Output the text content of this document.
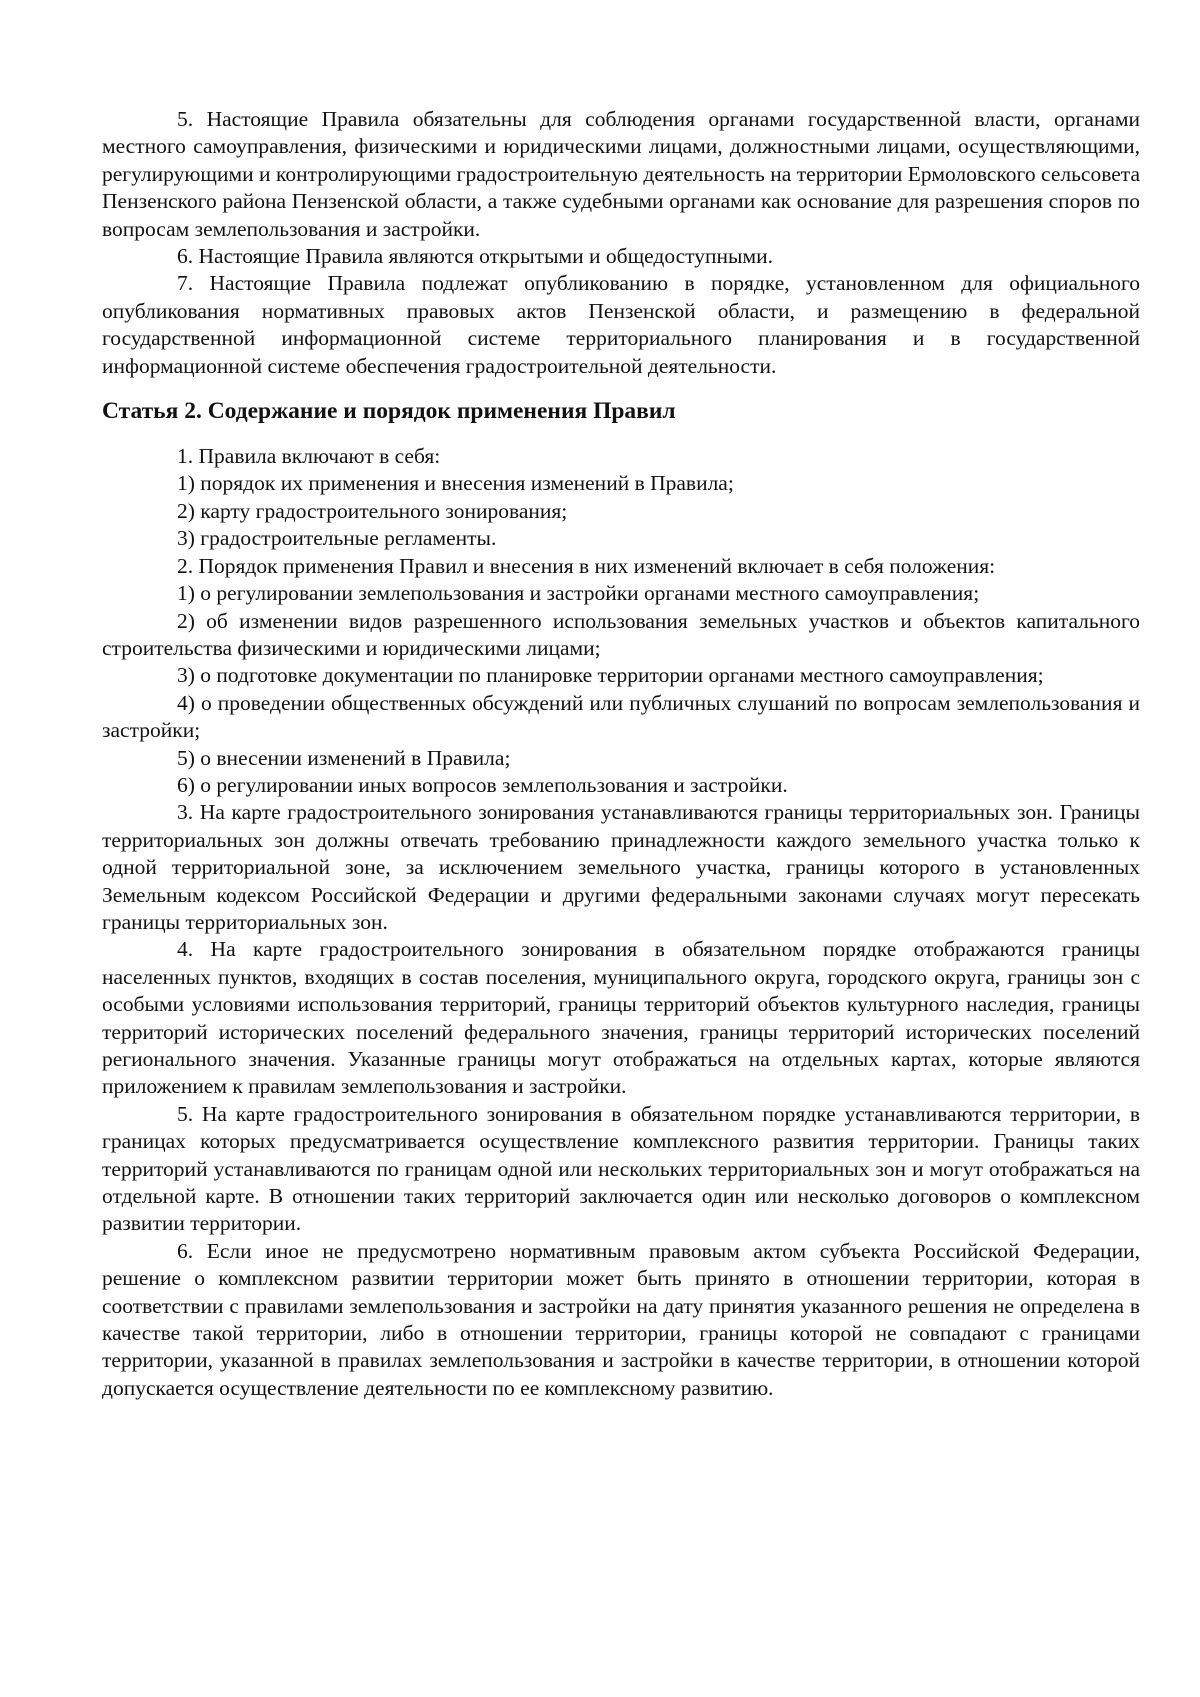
5. Настоящие Правила обязательны для соблюдения органами государственной власти, органами местного самоуправления, физическими и юридическими лицами, должностными лицами, осуществляющими, регулирующими и контролирующими градостроительную деятельность на территории Ермоловского сельсовета Пензенского района Пензенской области, а также судебными органами как основание для разрешения споров по вопросам землепользования и застройки.

6. Настоящие Правила являются открытыми и общедоступными.

7. Настоящие Правила подлежат опубликованию в порядке, установленном для официального опубликования нормативных правовых актов Пензенской области, и размещению в федеральной государственной информационной системе территориального планирования и в государственной информационной системе обеспечения градостроительной деятельности.

Статья 2. Содержание и порядок применения Правил

1. Правила включают в себя:

1) порядок их применения и внесения изменений в Правила;

2) карту градостроительного зонирования;

3) градостроительные регламенты.

2. Порядок применения Правил и внесения в них изменений включает в себя положения:

1) о регулировании землепользования и застройки органами местного самоуправления;

2) об изменении видов разрешенного использования земельных участков и объектов капитального строительства физическими и юридическими лицами;

3) о подготовке документации по планировке территории органами местного самоуправления;

4) о проведении общественных обсуждений или публичных слушаний по вопросам землепользования и застройки;

5) о внесении изменений в Правила;

6) о регулировании иных вопросов землепользования и застройки.

3. На карте градостроительного зонирования устанавливаются границы территориальных зон. Границы территориальных зон должны отвечать требованию принадлежности каждого земельного участка только к одной территориальной зоне, за исключением земельного участка, границы которого в установленных Земельным кодексом Российской Федерации и другими федеральными законами случаях могут пересекать границы территориальных зон.

4. На карте градостроительного зонирования в обязательном порядке отображаются границы населенных пунктов, входящих в состав поселения, муниципального округа, городского округа, границы зон с особыми условиями использования территорий, границы территорий объектов культурного наследия, границы территорий исторических поселений федерального значения, границы территорий исторических поселений регионального значения. Указанные границы могут отображаться на отдельных картах, которые являются приложением к правилам землепользования и застройки.

5. На карте градостроительного зонирования в обязательном порядке устанавливаются территории, в границах которых предусматривается осуществление комплексного развития территории. Границы таких территорий устанавливаются по границам одной или нескольких территориальных зон и могут отображаться на отдельной карте. В отношении таких территорий заключается один или несколько договоров о комплексном развитии территории.

6. Если иное не предусмотрено нормативным правовым актом субъекта Российской Федерации, решение о комплексном развитии территории может быть принято в отношении территории, которая в соответствии с правилами землепользования и застройки на дату принятия указанного решения не определена в качестве такой территории, либо в отношении территории, границы которой не совпадают с границами территории, указанной в правилах землепользования и застройки в качестве территории, в отношении которой допускается осуществление деятельности по ее комплексному развитию.
